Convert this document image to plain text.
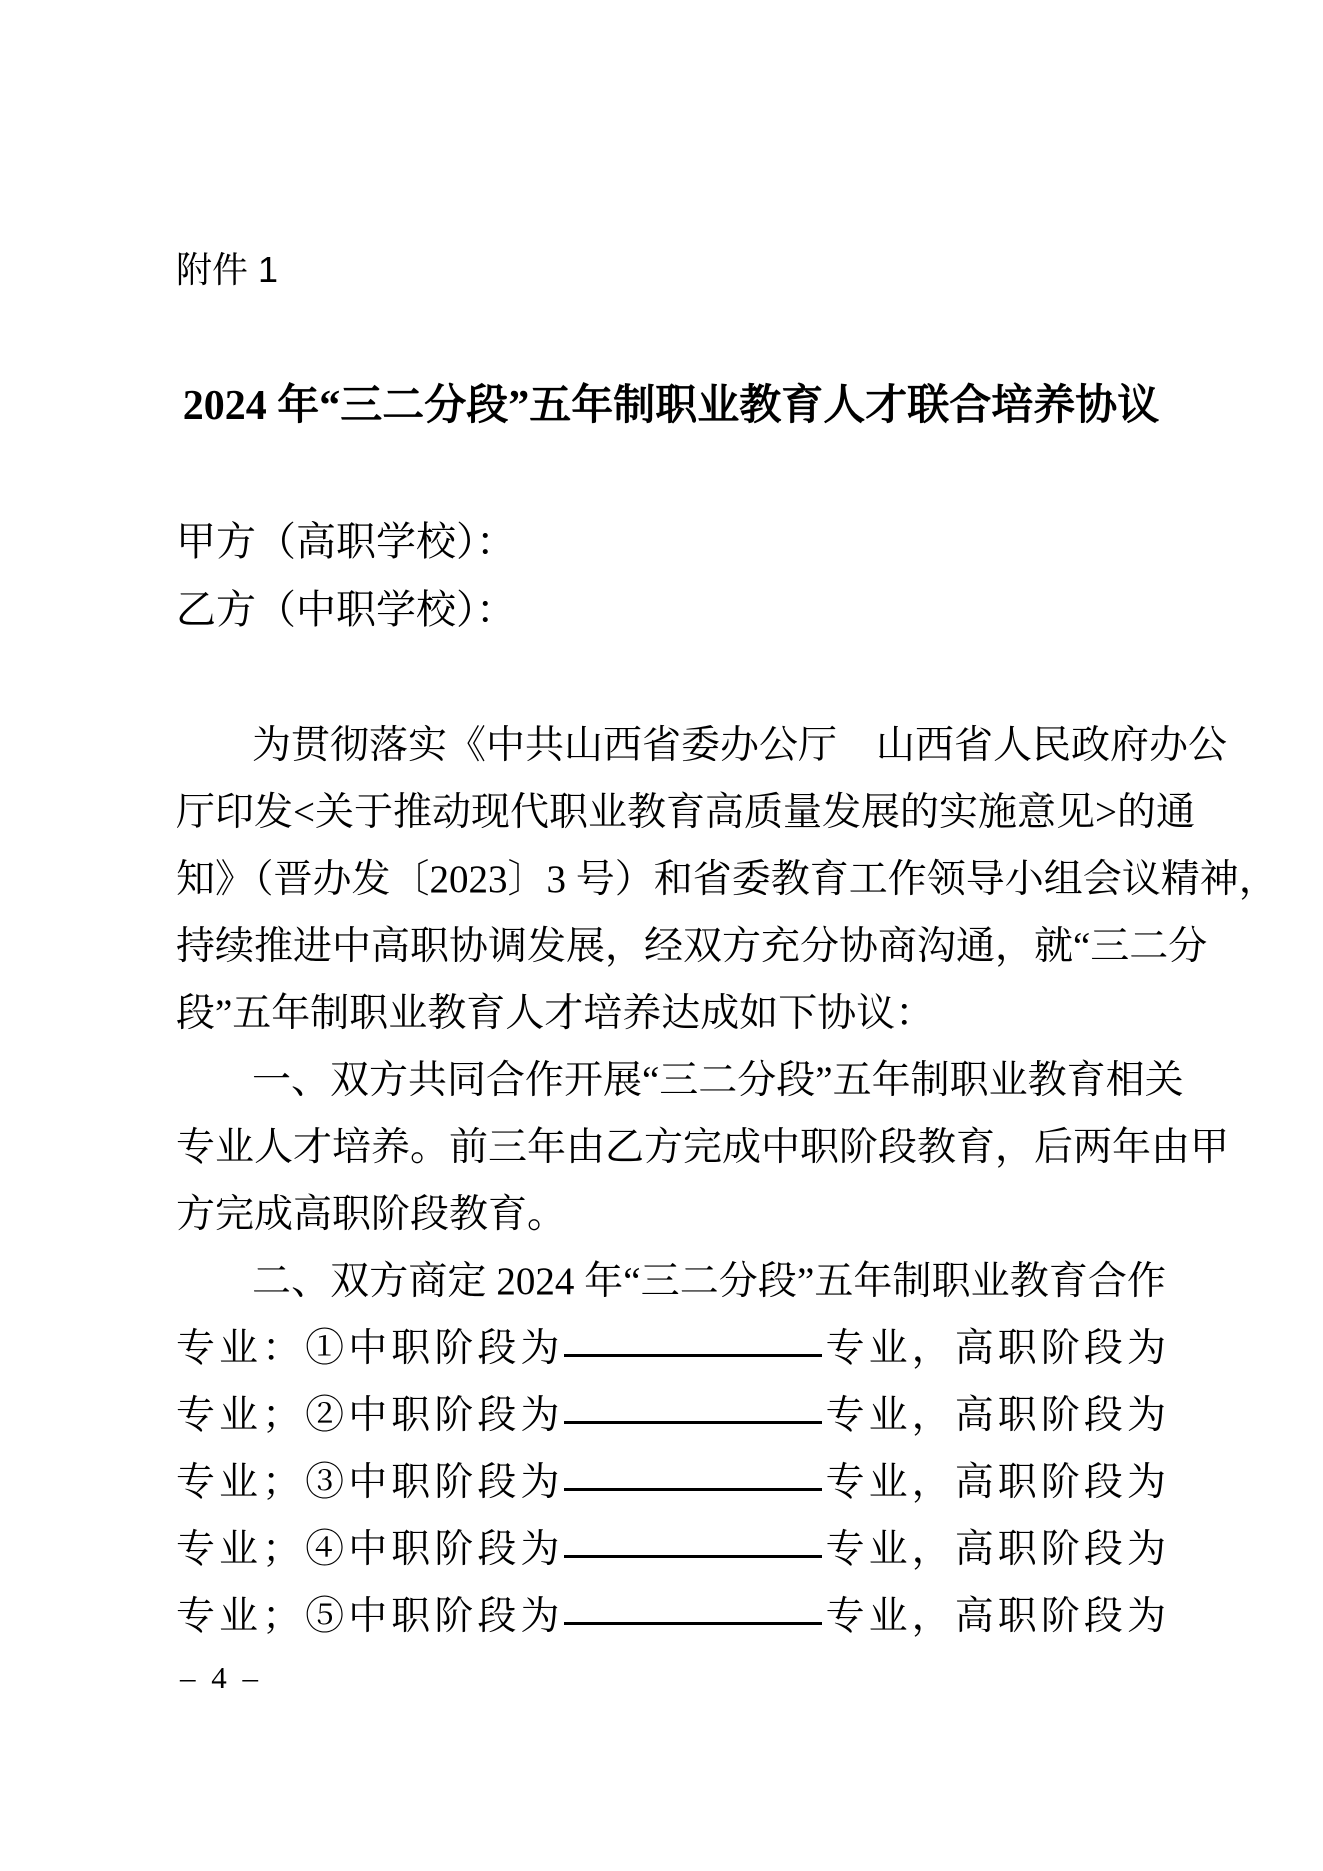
附件 1
2024 年“三二分段”五年制职业教育人才联合培养协议
甲方（高职学校）：
乙方（中职学校）：
为贯彻落实《中共山西省委办公厅　山西省人民政府办公
厅印发<关于推动现代职业教育高质量发展的实施意见>的通
知》（晋办发〔2023〕3 号）和省委教育工作领导小组会议精神，
持续推进中高职协调发展，经双方充分协商沟通，就“三二分
段”五年制职业教育人才培养达成如下协议：
一、双方共同合作开展“三二分段”五年制职业教育相关
专业人才培养。前三年由乙方完成中职阶段教育，后两年由甲
方完成高职阶段教育。
二、双方商定 2024 年“三二分段”五年制职业教育合作
专业：①中职阶段为	专业，高职阶段为
专业；②中职阶段为	专业，高职阶段为
专业；③中职阶段为	专业，高职阶段为
专业；④中职阶段为	专业，高职阶段为
专业；⑤中职阶段为	专业，高职阶段为
– 4 –
